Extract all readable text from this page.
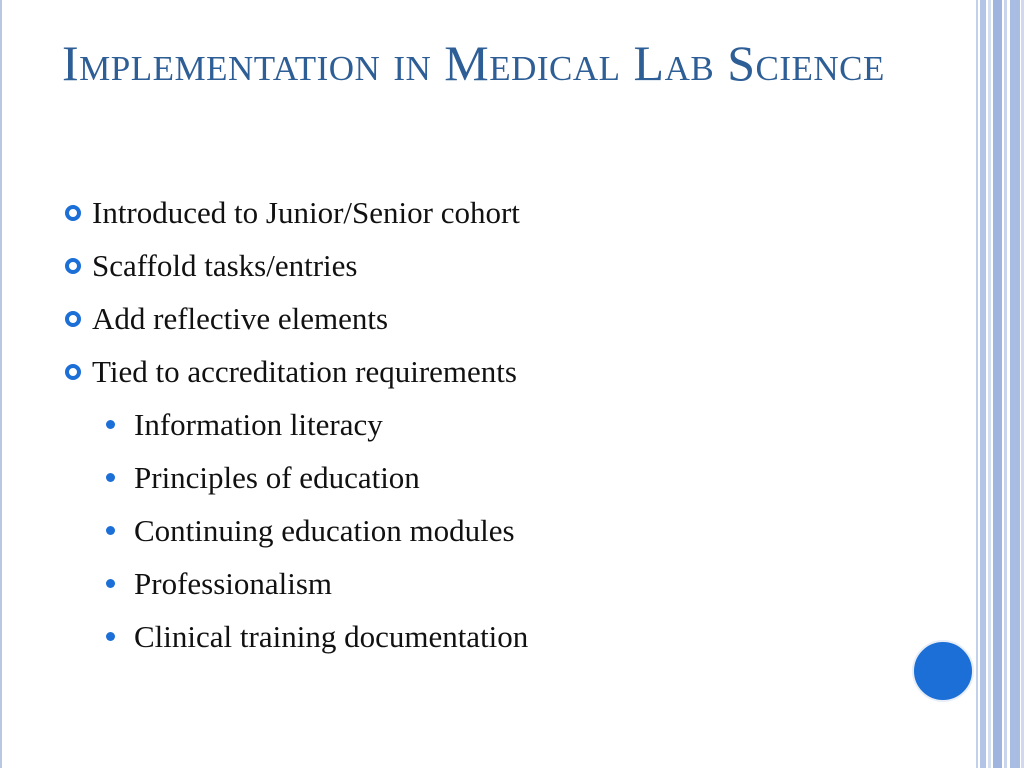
Implementation in Medical Lab Science
Introduced to Junior/Senior cohort
Scaffold tasks/entries
Add reflective elements
Tied to accreditation requirements
Information literacy
Principles of education
Continuing education modules
Professionalism
Clinical training documentation
